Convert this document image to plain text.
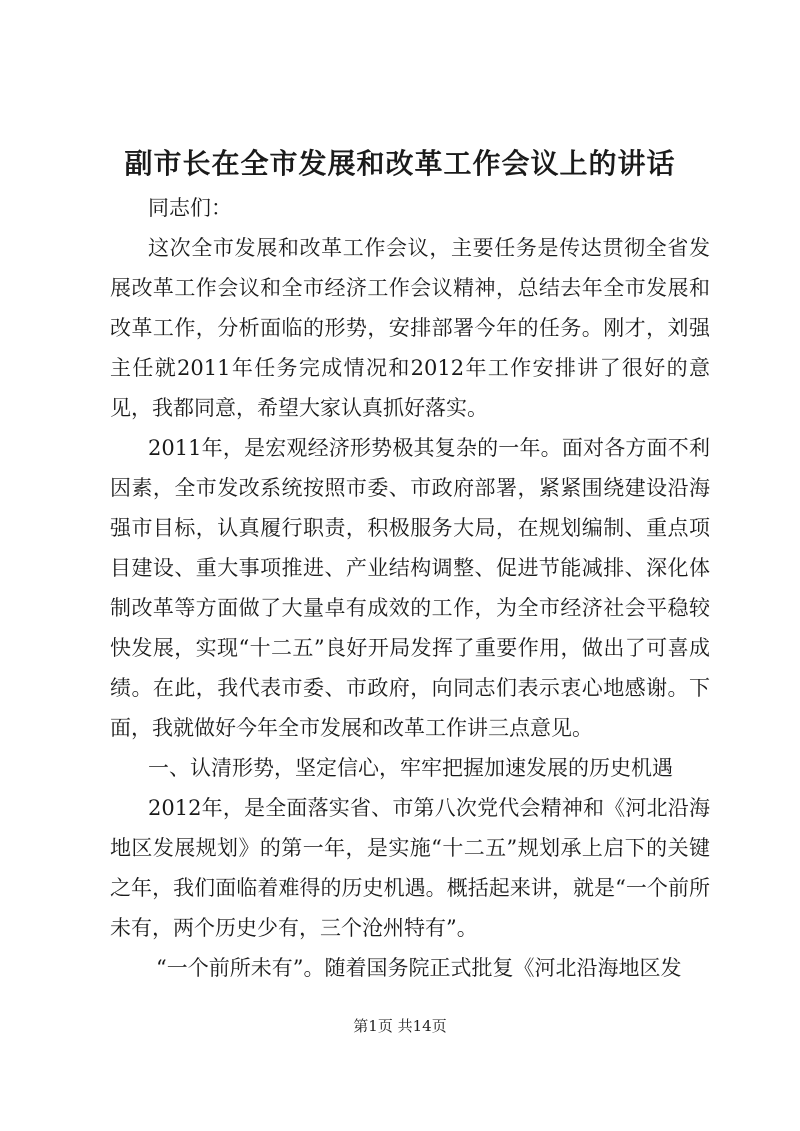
副市长在全市发展和改革工作会议上的讲话

同志们：

这次全市发展和改革工作会议，主要任务是传达贯彻全省发展改革工作会议和全市经济工作会议精神，总结去年全市发展和改革工作，分析面临的形势，安排部署今年的任务。刚才，刘强主任就2011年任务完成情况和2012年工作安排讲了很好的意见，我都同意，希望大家认真抓好落实。

2011年，是宏观经济形势极其复杂的一年。面对各方面不利因素，全市发改系统按照市委、市政府部署，紧紧围绕建设沿海强市目标，认真履行职责，积极服务大局，在规划编制、重点项目建设、重大事项推进、产业结构调整、促进节能减排、深化体制改革等方面做了大量卓有成效的工作，为全市经济社会平稳较快发展，实现“十二五”良好开局发挥了重要作用，做出了可喜成绩。在此，我代表市委、市政府，向同志们表示衷心地感谢。下面，我就做好今年全市发展和改革工作讲三点意见。

一、认清形势，坚定信心，牢牢把握加速发展的历史机遇

2012年，是全面落实省、市第八次党代会精神和《河北沿海地区发展规划》的第一年，是实施“十二五”规划承上启下的关键之年，我们面临着难得的历史机遇。概括起来讲，就是“一个前所未有，两个历史少有，三个沧州特有”。

“一个前所未有”。随着国务院正式批复《河北沿海地区发

第1页 共14页
